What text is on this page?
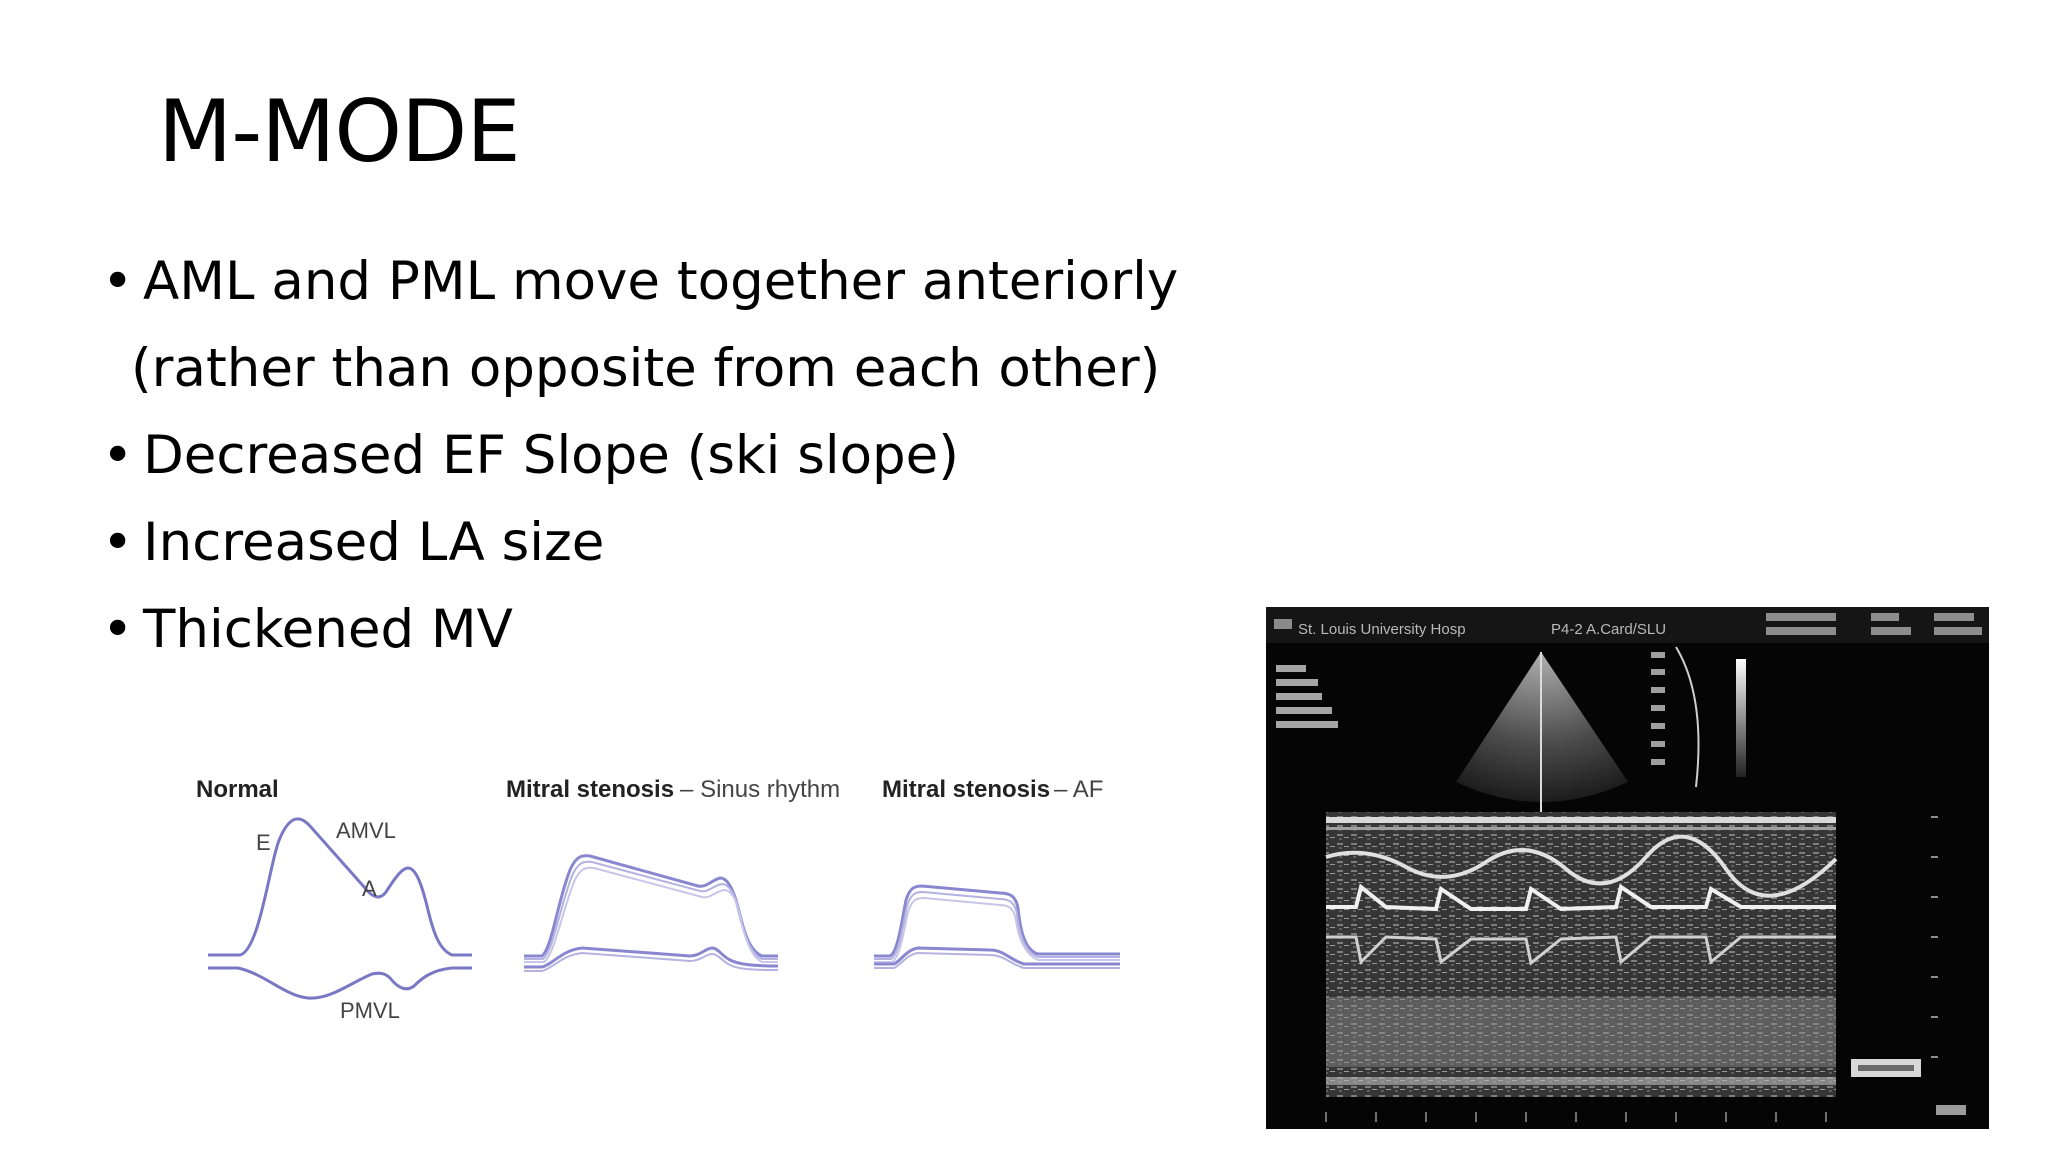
M-MODE
• AML and PML move together anteriorly
(rather than opposite from each other)
• Decreased EF Slope (ski slope)
• Increased LA size
• Thickened MV
Normal	Mitral stenosis – Sinus rhythm Mitral stenosis – AF
E	AMVL
A
PMVL
St. Louis University Hosp	P4-2 A.Card/SLU
